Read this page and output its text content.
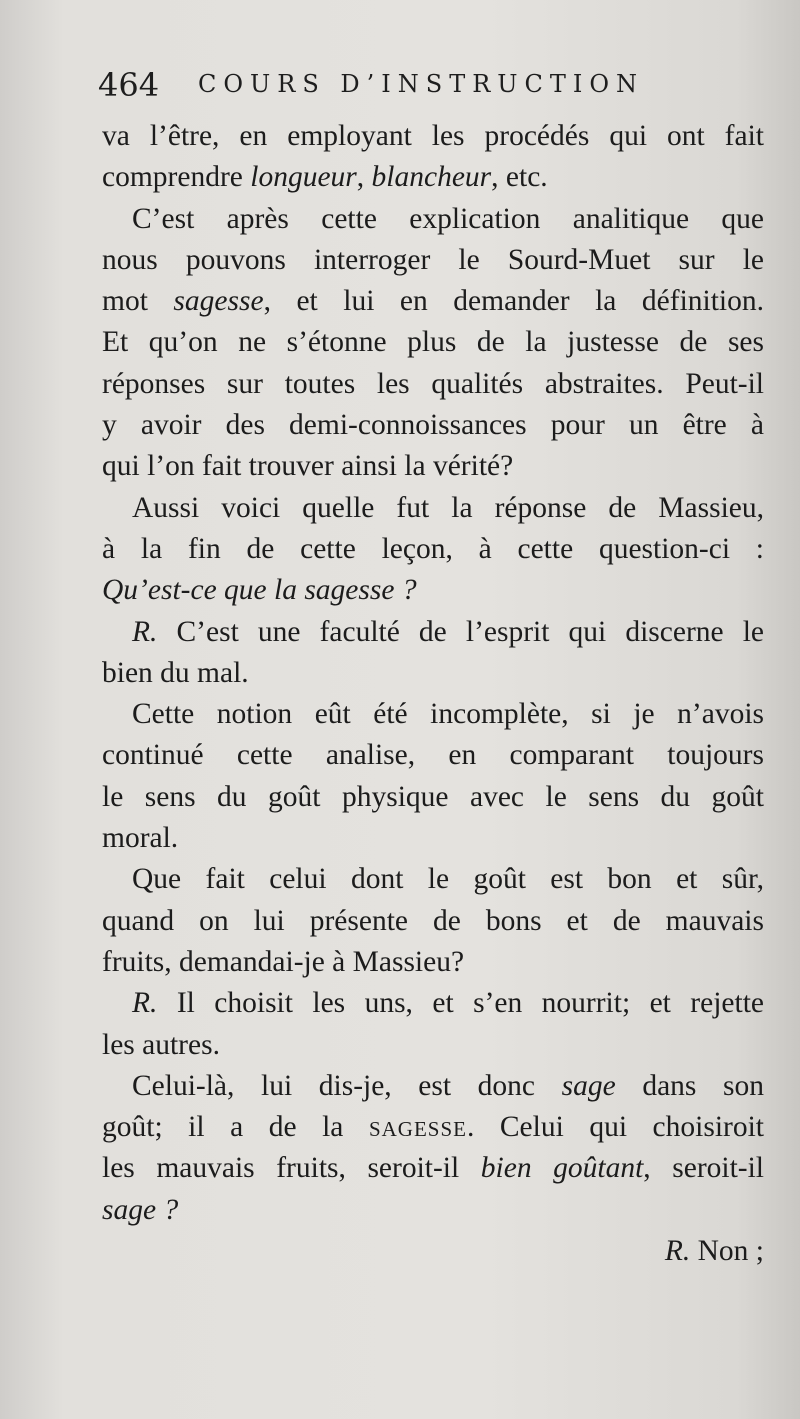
464 COURS D’INSTRUCTION
va l’être, en employant les procédés qui ont fait
comprendre longueur, blancheur, etc.
C’est après cette explication analitique que
nous pouvons interroger le Sourd-Muet sur le
mot sagesse, et lui en demander la définition.
Et qu’on ne s’étonne plus de la justesse de ses
réponses sur toutes les qualités abstraites. Peut-il
y avoir des demi-connoissances pour un être à
qui l’on fait trouver ainsi la vérité?
Aussi voici quelle fut la réponse de Massieu,
à la fin de cette leçon, à cette question-ci :
Qu’est-ce que la sagesse ?
R. C’est une faculté de l’esprit qui discerne le
bien du mal.
Cette notion eût été incomplète, si je n’avois
continué cette analise, en comparant toujours
le sens du goût physique avec le sens du goût
moral.
Que fait celui dont le goût est bon et sûr,
quand on lui présente de bons et de mauvais
fruits, demandai-je à Massieu?
R. Il choisit les uns, et s’en nourrit; et rejette
les autres.
Celui-là, lui dis-je, est donc sage dans son
goût; il a de la SAGESSE. Celui qui choisiroit
les mauvais fruits, seroit-il bien goûtant, seroit-il
sage ?
R. Non ;
